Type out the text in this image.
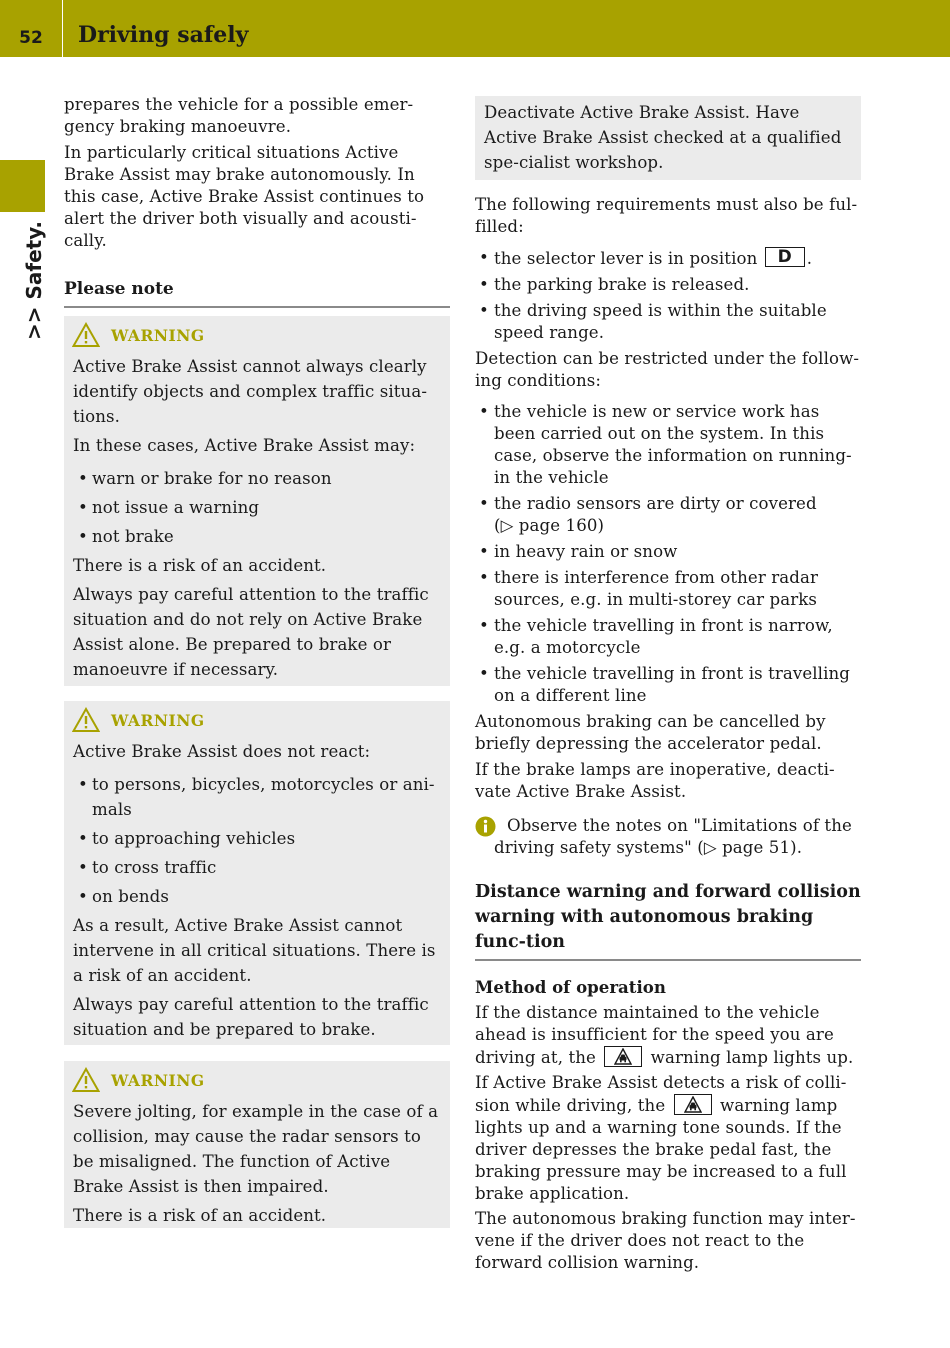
52	Driving safely
>> Safety.

prepares the vehicle for a possible emer-gency braking manoeuvre.

In particularly critical situations Active Brake Assist may brake autonomously. In this case, Active Brake Assist continues to alert the driver both visually and acousti-cally.

Please note
WARNING

Active Brake Assist cannot always clearly identify objects and complex traffic situa-tions.

In these cases, Active Brake Assist may:

• warn or brake for no reason
• not issue a warning
• not brake

There is a risk of an accident.

Always pay careful attention to the traffic situation and do not rely on Active Brake Assist alone. Be prepared to brake or manoeuvre if necessary.

WARNING

Active Brake Assist does not react:

• to persons, bicycles, motorcycles or ani-mals
• to approaching vehicles
• to cross traffic
• on bends

As a result, Active Brake Assist cannot intervene in all critical situations. There is a risk of an accident.

Always pay careful attention to the traffic situation and be prepared to brake.

WARNING

Severe jolting, for example in the case of a collision, may cause the radar sensors to be misaligned. The function of Active Brake Assist is then impaired.

There is a risk of an accident.

Deactivate Active Brake Assist. Have Active Brake Assist checked at a qualified spe-cialist workshop.

The following requirements must also be ful-filled:

• the selector lever is in position	D .
• the parking brake is released.
• the driving speed is within the suitable speed range.

Detection can be restricted under the follow-ing conditions:

• the vehicle is new or service work has been carried out on the system. In this case, observe the information on running-in the vehicle
• the radio sensors are dirty or covered
(▷ page 160)
• in heavy rain or snow
• there is interference from other radar sources, e.g. in multi-storey car parks
• the vehicle travelling in front is narrow, e.g. a motorcycle
• the vehicle travelling in front is travelling on a different line

Autonomous braking can be cancelled by briefly depressing the accelerator pedal.

If the brake lamps are inoperative, deacti-vate Active Brake Assist.

Observe the notes on "Limitations of the driving safety systems" (▷ page 51).

Distance warning and forward collision warning with autonomous braking func-tion
Method of operation

If the distance maintained to the vehicle ahead is insufficient for the speed you are driving at, the	warning lamp lights up.

If Active Brake Assist detects a risk of colli-sion while driving, the	warning lamp lights up and a warning tone sounds. If the driver depresses the brake pedal fast, the braking pressure may be increased to a full brake application.

The autonomous braking function may inter-vene if the driver does not react to the forward collision warning.
